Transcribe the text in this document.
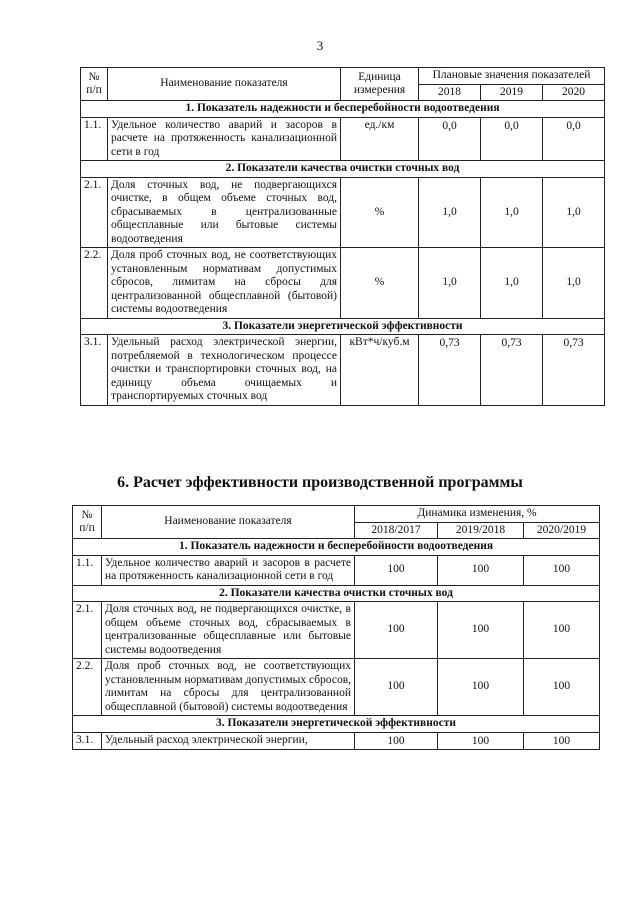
3
№ п/п	Наименование показателя	Единица измерения	Плановые значения показателей		
			2018	2019	2020
1. Показатель надежности и бесперебойности водоотведения					
1.1.	Удельное количество аварий и засоров в расчете на протяженность канализационной сети в год	ед./км	0,0	0,0	0,0
2. Показатели качества очистки сточных вод					
2.1.	Доля сточных вод, не подвергающихся очистке, в общем объеме сточных вод, сбрасываемых в централизованные общесплавные или бытовые системы водоотведения	%	1,0	1,0	1,0
2.2.	Доля проб сточных вод, не соответствующих установленным нормативам допустимых сбросов, лимитам на сбросы для централизованной общесплавной (бытовой) системы водоотведения	%	1,0	1,0	1,0
3. Показатели энергетической эффективности					
3.1.	Удельный расход электрической энергии, потребляемой в технологическом процессе очистки и транспортировки сточных вод, на единицу объема очищаемых и транспортируемых сточных вод	кВт*ч/куб.м	0,73	0,73	0,73
6. Расчет эффективности производственной программы
№ п/п	Наименование показателя	Динамика изменения, %		
		2018/2017	2019/2018	2020/2019
1. Показатель надежности и бесперебойности водоотведения				
1.1.	Удельное количество аварий и засоров в расчете на протяженность канализационной сети в год	100	100	100
2. Показатели качества очистки сточных вод				
2.1.	Доля сточных вод, не подвергающихся очистке, в общем объеме сточных вод, сбрасываемых в централизованные общесплавные или бытовые системы водоотведения	100	100	100
2.2.	Доля проб сточных вод, не соответствующих установленным нормативам допустимых сбросов, лимитам на сбросы для централизованной общесплавной (бытовой) системы водоотведения	100	100	100
3. Показатели энергетической эффективности				
3.1.	Удельный расход электрической энергии,	100	100	100
